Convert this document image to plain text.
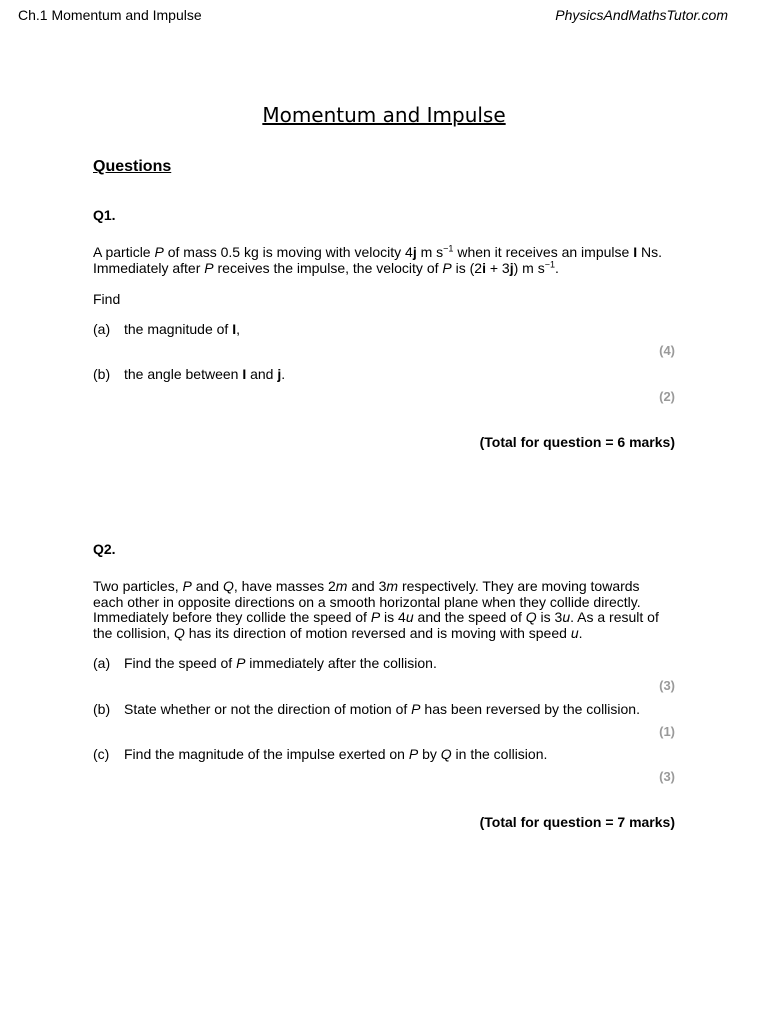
Ch.1 Momentum and Impulse	PhysicsAndMathsTutor.com
Momentum and Impulse
Questions
Q1.
A particle P of mass 0.5 kg is moving with velocity 4j m $s^{-1}$ when it receives an impulse I Ns.
Immediately after P receives the impulse, the velocity of P is (2i + 3j) m $s^{-1}$.
Find
(a) the magnitude of I,
(4)
(b) the angle between I and j.
(2)
(Total for question = 6 marks)
Q2.
Two particles, P and Q, have masses 2m and 3m respectively. They are moving towards
each other in opposite directions on a smooth horizontal plane when they collide directly.
Immediately before they collide the speed of P is 4u and the speed of Q is 3u. As a result of
the collision, Q has its direction of motion reversed and is moving with speed u.
(a) Find the speed of P immediately after the collision.
(3)
(b) State whether or not the direction of motion of P has been reversed by the collision.
(1)
(c) Find the magnitude of the impulse exerted on P by Q in the collision.
(3)
(Total for question = 7 marks)
